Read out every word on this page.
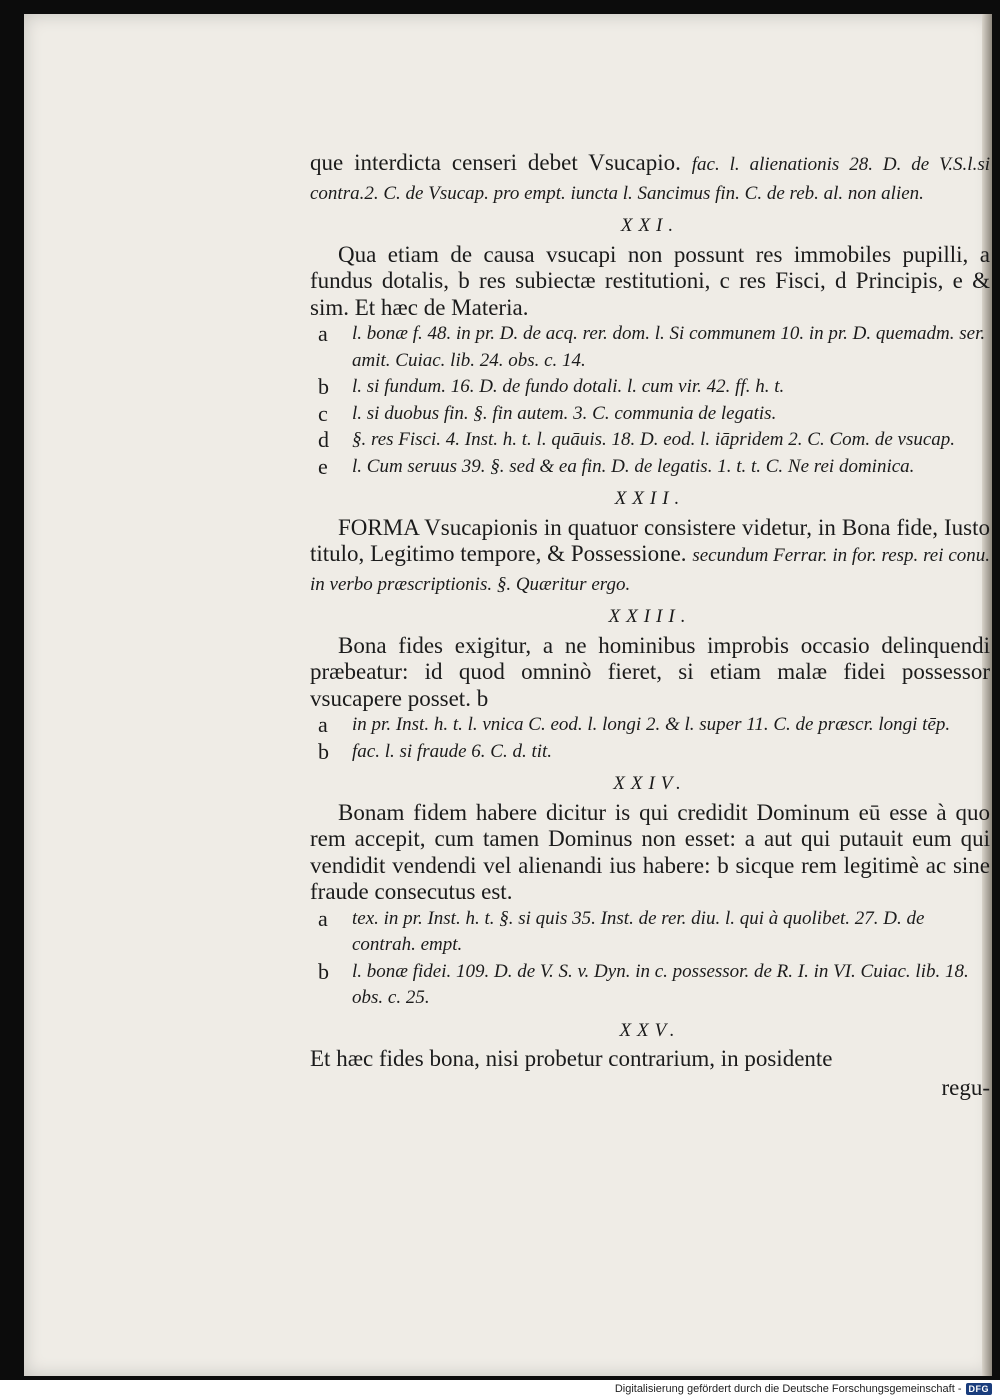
que interdicta censeri debet Vsucapio. fac. l. alienationis 28. D. de V.S.l.si contra.2. C. de Vsucap. pro empt. iuncta l. Sancimus fin. C. de reb. al. non alien.

XXI.

Qua etiam de causa vsucapi non possunt res immobiles pupilli, a fundus dotalis, b res subiectæ restitutioni, c res Fisci, d Principis, e & sim. Et hæc de Materia.

a	l. bonæ f. 48. in pr. D. de acq. rer. dom. l. Si communem 10. in pr. D. quemadm. ser. amit. Cuiac. lib. 24. obs. c. 14.
b	l. si fundum. 16. D. de fundo dotali. l. cum vir. 42. ff. h. t.
c	l. si duobus fin. §. fin autem. 3. C. communia de legatis.
d	§. res Fisci. 4. Inst. h. t. l. quāuis. 18. D. eod. l. iāpridem 2. C. Com. de vsucap.
e	l. Cum seruus 39. §. sed & ea fin. D. de legatis. 1. t. t. C. Ne rei dominica.
XXII.

FORMA Vsucapionis in quatuor consistere videtur, in Bona fide, Iusto titulo, Legitimo tempore, & Possessione. secundum Ferrar. in for. resp. rei conu. in verbo præscriptionis. §. Quæritur ergo.

XXIII.

Bona fides exigitur, a ne hominibus improbis occasio delinquendi præbeatur: id quod omninò fieret, si etiam malæ fidei possessor vsucapere posset. b

a	in pr. Inst. h. t. l. vnica C. eod. l. longi 2. & l. super 11. C. de præscr. longi tēp.
b	fac. l. si fraude 6. C. d. tit.
XXIV.

Bonam fidem habere dicitur is qui credidit Dominum eū esse à quo rem accepit, cum tamen Dominus non esset: a aut qui putauit eum qui vendidit vendendi vel alienandi ius habere: b sicque rem legitimè ac sine fraude consecutus est.

a	tex. in pr. Inst. h. t. §. si quis 35. Inst. de rer. diu. l. qui à quolibet. 27. D. de contrah. empt.
b	l. bonæ fidei. 109. D. de V. S. v. Dyn. in c. possessor. de R. I. in VI. Cuiac. lib. 18. obs. c. 25.
XXV.

Et hæc fides bona, nisi probetur contrarium, in posidente

regu-
Digitalisierung gefördert durch die Deutsche Forschungsgemeinschaft - DFG
